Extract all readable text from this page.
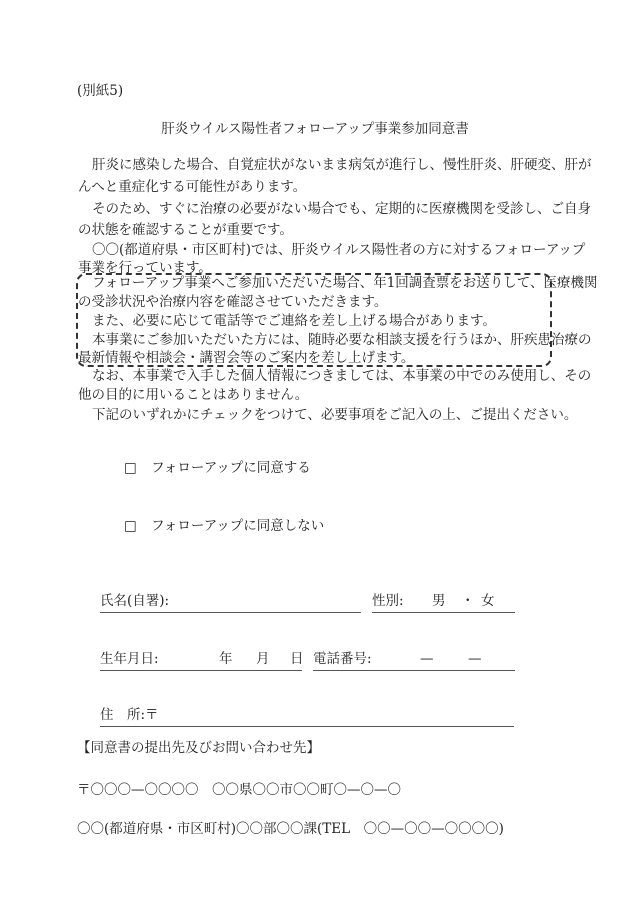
(別紙5)
肝炎ウイルス陽性者フォローアップ事業参加同意書
肝炎に感染した場合、自覚症状がないまま病気が進行し、慢性肝炎、肝硬変、肝が
んへと重症化する可能性があります。
そのため、すぐに治療の必要がない場合でも、定期的に医療機関を受診し、ご自身
の状態を確認することが重要です。
〇〇(都道府県・市区町村)では、肝炎ウイルス陽性者の方に対するフォローアップ
事業を行っています。
フォローアップ事業へご参加いただいた場合、年1回調査票をお送りして、医療機関
の受診状況や治療内容を確認させていただきます。
また、必要に応じて電話等でご連絡を差し上げる場合があります。
本事業にご参加いただいた方には、随時必要な相談支援を行うほか、肝疾患治療の
最新情報や相談会・講習会等のご案内を差し上げます。
なお、本事業で入手した個人情報につきましては、本事業の中でのみ使用し、その
他の目的に用いることはありません。
下記のいずれかにチェックをつけて、必要事項をご記入の上、ご提出ください。
□ フォローアップに同意する
□ フォローアップに同意しない
氏名(自署):	性別: 男 ・ 女
生年月日:	年 月 日 電話番号:	—	—
住　所:〒
【同意書の提出先及びお問い合わせ先】
〒〇〇〇—〇〇〇〇　〇〇県〇〇市〇〇町〇—〇—〇
〇〇(都道府県・市区町村)〇〇部〇〇課(TEL　〇〇—〇〇—〇〇〇〇)
